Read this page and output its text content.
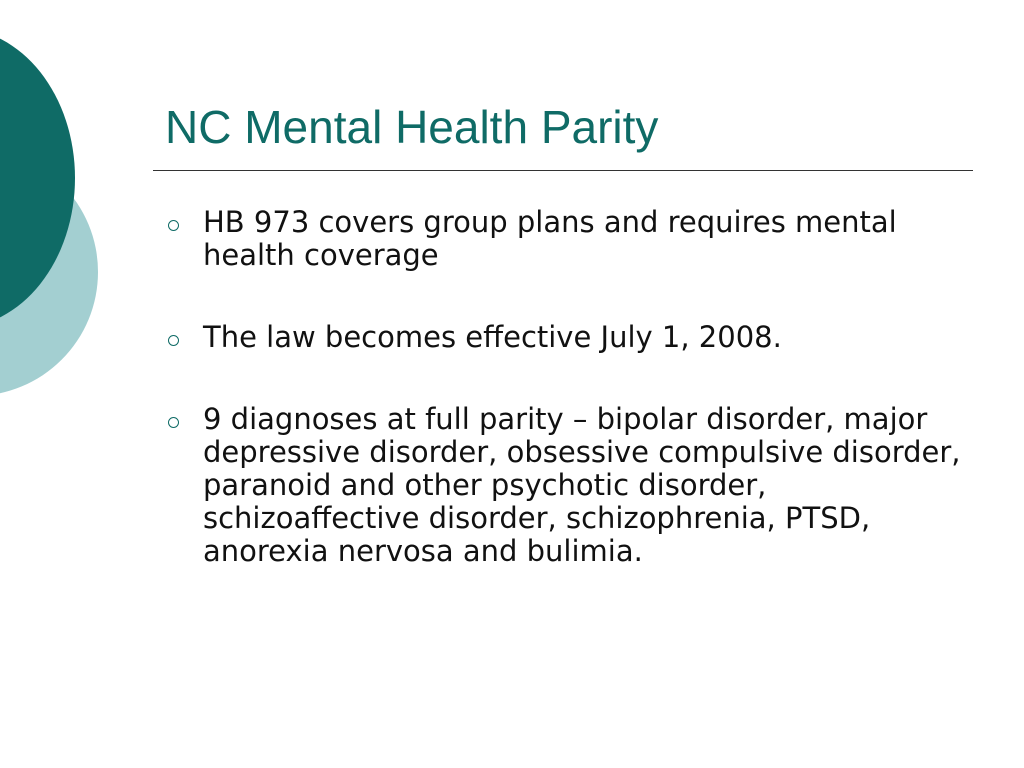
NC Mental Health Parity
HB 973 covers group plans and requires mental health coverage
The law becomes effective July 1, 2008.
9 diagnoses at full parity – bipolar disorder, major depressive disorder, obsessive compulsive disorder, paranoid and other psychotic disorder, schizoaffective disorder, schizophrenia, PTSD, anorexia nervosa and bulimia.
